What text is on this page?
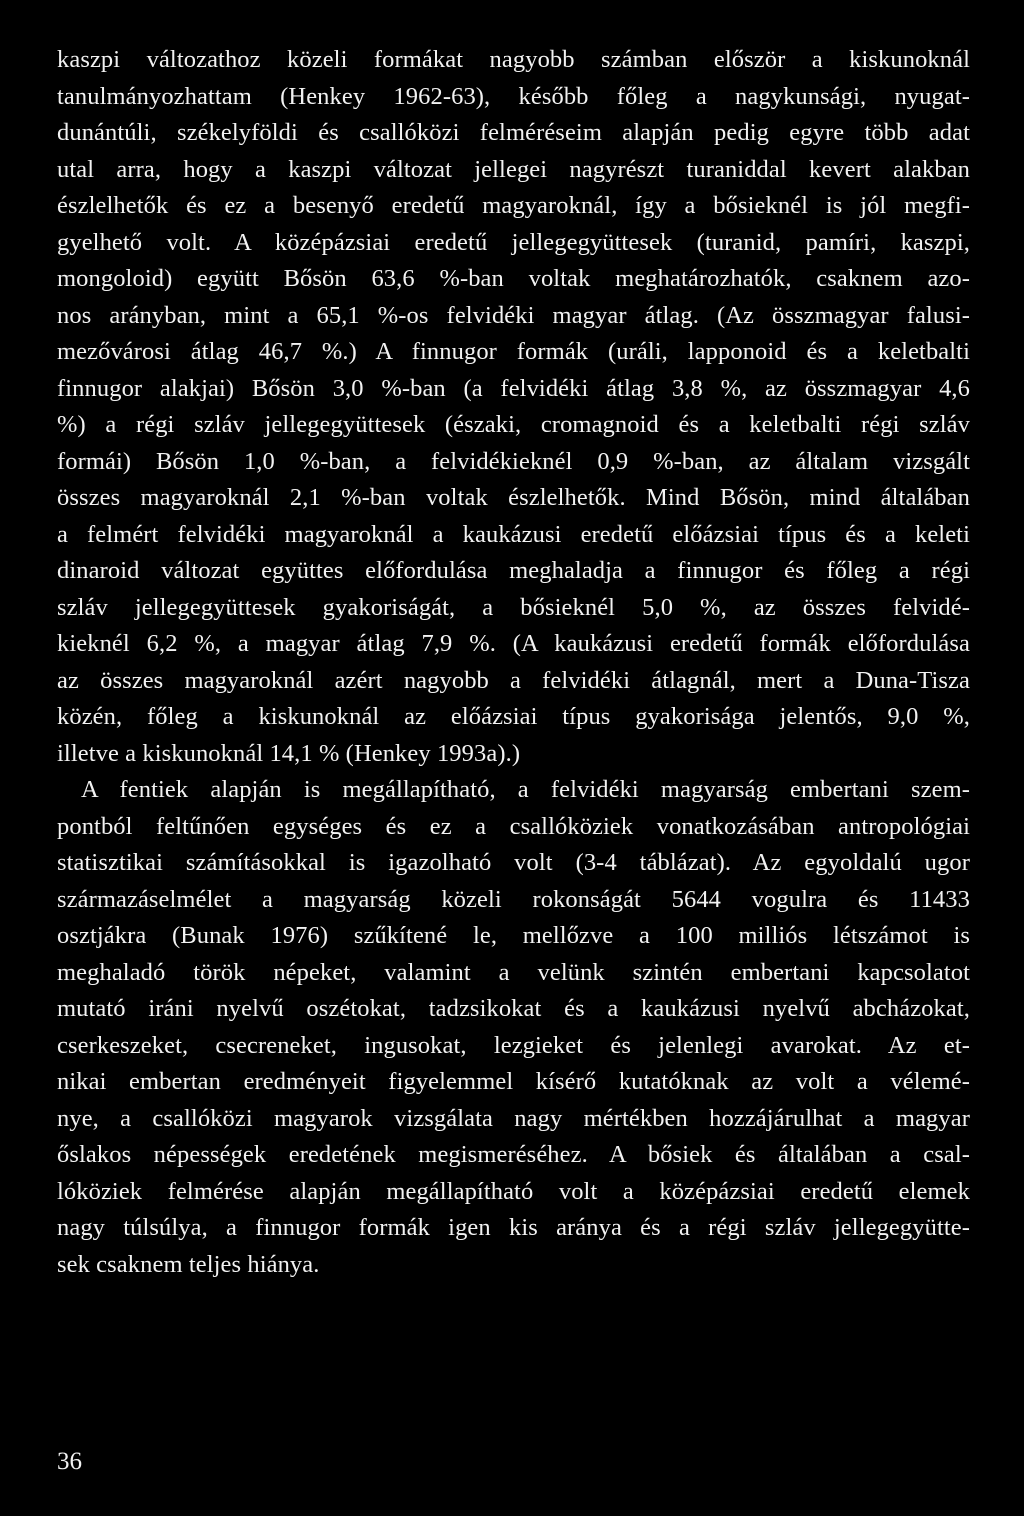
kaszpi változathoz közeli formákat nagyobb számban először a kiskunoknál
tanulmányozhattam (Henkey 1962-63), később főleg a nagykunsági, nyugat-
dunántúli, székelyföldi és csallóközi felméréseim alapján pedig egyre több adat
utal arra, hogy a kaszpi változat jellegei nagyrészt turaniddal kevert alakban
észlelhetők és ez a besenyő eredetű magyaroknál, így a bősieknél is jól megfi-
gyelhető volt. A középázsiai eredetű jellegegyüttesek (turanid, pamíri, kaszpi,
mongoloid) együtt Bősön 63,6 %-ban voltak meghatározhatók, csaknem azo-
nos arányban, mint a 65,1 %-os felvidéki magyar átlag. (Az összmagyar falusi-
mezővárosi átlag 46,7 %.) A finnugor formák (uráli, lapponoid és a keletbalti
finnugor alakjai) Bősön 3,0 %-ban (a felvidéki átlag 3,8 %, az összmagyar 4,6
%) a régi szláv jellegegyüttesek (északi, cromagnoid és a keletbalti régi szláv
formái) Bősön 1,0 %-ban, a felvidékieknél 0,9 %-ban, az általam vizsgált
összes magyaroknál 2,1 %-ban voltak észlelhetők. Mind Bősön, mind általában
a felmért felvidéki magyaroknál a kaukázusi eredetű előázsiai típus és a keleti
dinaroid változat együttes előfordulása meghaladja a finnugor és főleg a régi
szláv jellegegyüttesek gyakoriságát, a bősieknél 5,0 %, az összes felvidé-
kieknél 6,2 %, a magyar átlag 7,9 %. (A kaukázusi eredetű formák előfordulása
az összes magyaroknál azért nagyobb a felvidéki átlagnál, mert a Duna-Tisza
közén, főleg a kiskunoknál az előázsiai típus gyakorisága jelentős, 9,0 %,
illetve a kiskunoknál 14,1 % (Henkey 1993a).)
A fentiek alapján is megállapítható, a felvidéki magyarság embertani szem-
pontból feltűnően egységes és ez a csallóköziek vonatkozásában antropológiai
statisztikai számításokkal is igazolható volt (3-4 táblázat). Az egyoldalú ugor
származáselmélet a magyarság közeli rokonságát 5644 vogulra és 11433
osztjákra (Bunak 1976) szűkítené le, mellőzve a 100 milliós létszámot is
meghaladó török népeket, valamint a velünk szintén embertani kapcsolatot
mutató iráni nyelvű oszétokat, tadzsikokat és a kaukázusi nyelvű abcházokat,
cserkeszeket, csecreneket, ingusokat, lezgieket és jelenlegi avarokat. Az et-
nikai embertan eredményeit figyelemmel kísérő kutatóknak az volt a vélemé-
nye, a csallóközi magyarok vizsgálata nagy mértékben hozzájárulhat a magyar
őslakos népességek eredetének megismeréséhez. A bősiek és általában a csal-
lóköziek felmérése alapján megállapítható volt a középázsiai eredetű elemek
nagy túlsúlya, a finnugor formák igen kis aránya és a régi szláv jellegegyütte-
sek csaknem teljes hiánya.
36
